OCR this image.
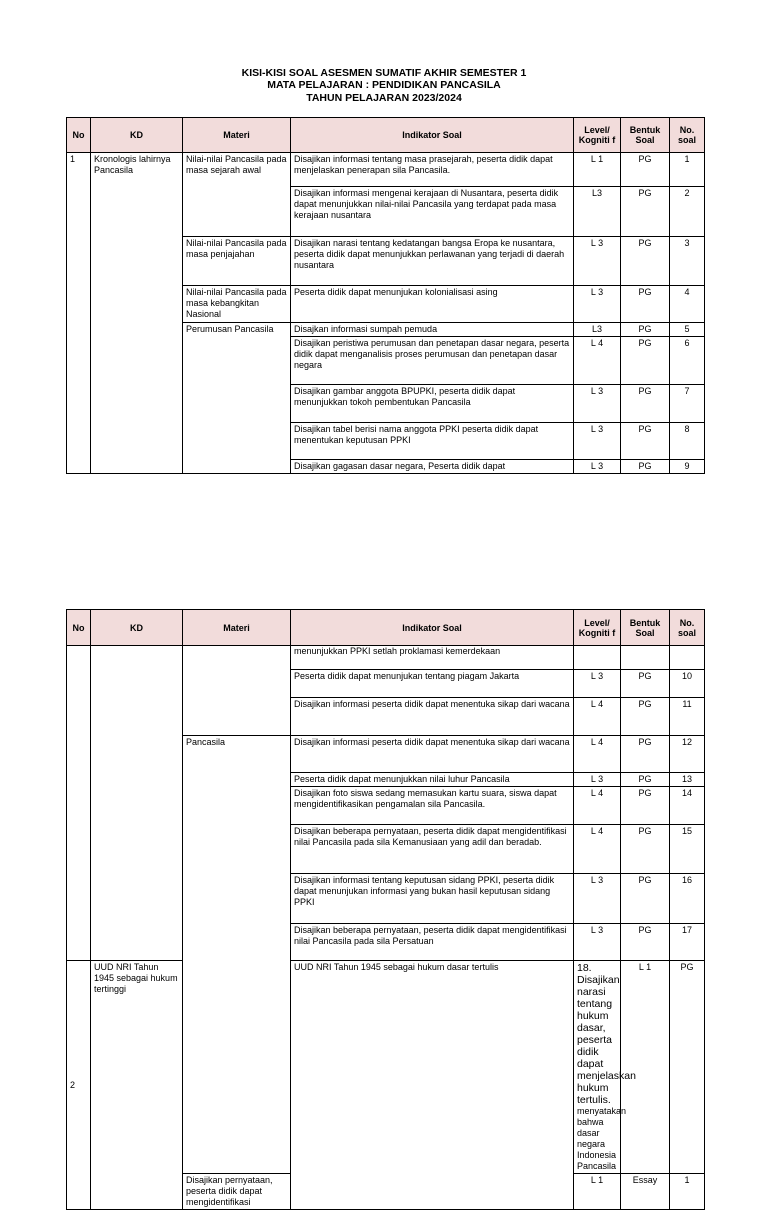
KISI-KISI SOAL ASESMEN SUMATIF AKHIR SEMESTER 1
MATA PELAJARAN : PENDIDIKAN PANCASILA
TAHUN PELAJARAN 2023/2024
No	KD	Materi	Indikator Soal	Level/ Kogniti f	Bentuk Soal	No. soal
1	Kronologis lahirnya Pancasila	Nilai-nilai Pancasila pada masa sejarah awal	Disajikan informasi tentang masa prasejarah, peserta didik dapat menjelaskan penerapan sila Pancasila.	L 1	PG	1
			Disajikan informasi mengenai kerajaan di Nusantara, peserta didik dapat menunjukkan nilai-nilai Pancasila yang terdapat pada masa kerajaan nusantara	L3	PG	2
		Nilai-nilai Pancasila pada masa penjajahan	Disajikan narasi tentang kedatangan bangsa Eropa ke nusantara, peserta didik dapat menunjukkan perlawanan yang terjadi di daerah nusantara	L 3	PG	3
		Nilai-nilai Pancasila pada masa kebangkitan Nasional	Peserta didik dapat menunjukan kolonialisasi asing	L 3	PG	4
		Perumusan Pancasila	Disajkan informasi sumpah pemuda	L3	PG	5
			Disajikan peristiwa perumusan dan penetapan dasar negara, peserta didik dapat menganalisis proses perumusan dan penetapan dasar negara	L 4	PG	6
			Disajikan gambar anggota BPUPKI, peserta didik dapat menunjukkan tokoh pembentukan Pancasila	L 3	PG	7
			Disajikan tabel berisi nama anggota PPKI peserta didik dapat menentukan keputusan PPKI	L 3	PG	8
			Disajikan gagasan dasar negara, Peserta didik dapat	L 3	PG	9
No	KD	Materi	Indikator Soal	Level/ Kogniti f	Bentuk Soal	No. soal	
			menunjukkan PPKI setlah proklamasi kemerdekaan				
			Peserta didik dapat menunjukan tentang piagam Jakarta	L 3	PG	10	
			Disajikan informasi peserta didik dapat menentuka sikap dari wacana	L 4	PG	11	
		Pancasila	Disajikan informasi peserta didik dapat menentuka sikap dari wacana	L 4	PG	12	
			Peserta didik dapat menunjukkan nilai luhur Pancasila	L 3	PG	13	
			Disajikan foto siswa sedang memasukan kartu suara, siswa dapat mengidentifikasikan pengamalan sila Pancasila.	L 4	PG	14	
			Disajikan beberapa pernyataan, peserta didik dapat mengidentifikasi nilai Pancasila pada sila Kemanusiaan yang adil dan beradab.	L 4	PG	15	
			Disajikan informasi tentang keputusan sidang PPKI, peserta didik dapat menunjukan informasi yang bukan hasil keputusan sidang PPKI	L 3	PG	16	
			Disajikan beberapa pernyataan, peserta didik dapat mengidentifikasi nilai Pancasila pada sila Persatuan	L 3	PG	17	
2	UUD NRI Tahun 1945 sebagai hukum tertinggi		UUD NRI Tahun 1945 sebagai hukum dasar tertulis	18. Disajikan narasi tentang hukum dasar, peserta didik dapat menjelaskan hukum tertulis. menyatakan bahwa dasar negara Indonesia Pancasila	L 1	PG	
		Disajikan pernyataan, peserta didik dapat mengidentifikasi		L 1	Essay	1	
